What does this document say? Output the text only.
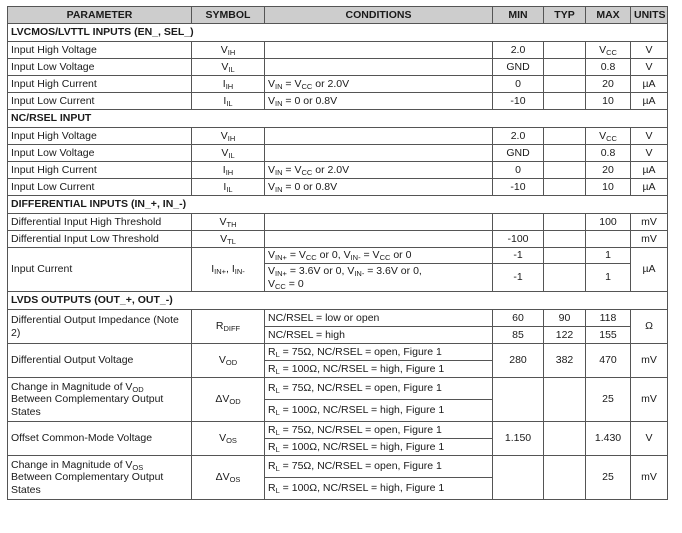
PARAMETER	SYMBOL	CONDITIONS	MIN	TYP	MAX	UNITS
LVCMOS/LVTTL INPUTS (EN_, SEL_)						
Input High Voltage	$V_{IH}$		2.0		$V_{CC}$	V
Input Low Voltage	$V_{IL}$		GND		0.8	V
Input High Current	$I_{IH}$	$V_{IN} = V_{CC}$ or 2.0V	0		20	µA
Input Low Current	$I_{IL}$	$V_{IN} = 0$ or 0.8V	-10		10	µA
NC/RSEL INPUT						
Input High Voltage	$V_{IH}$		2.0		$V_{CC}$	V
Input Low Voltage	$V_{IL}$		GND		0.8	V
Input High Current	$I_{IH}$	$V_{IN} = V_{CC}$ or 2.0V	0		20	µA
Input Low Current	$I_{IL}$	$V_{IN} = 0$ or 0.8V	-10		10	µA
DIFFERENTIAL INPUTS (IN_+, IN_-)						
Differential Input High Threshold	$V_{TH}$				100	mV
Differential Input Low Threshold	$V_{TL}$		-100			mV
Input Current	$I_{IN+}$, $I_{IN-}$	$V_{IN+} = V_{CC}$ or 0, $V_{IN-} = V_{CC}$ or 0	-1		1	µA
		$V_{IN+} = 3.6V$ or 0, $V_{IN-} = 3.6V$ or 0,
$V_{CC} = 0$	-1		1	
LVDS OUTPUTS (OUT_+, OUT_-)						
Differential Output Impedance (Note 2)	$R_{DIFF}$	NC/RSEL = low or open	60	90	118	Ω
		NC/RSEL = high	85	122	155	
Differential Output Voltage	$V_{OD}$	$R_L = 75\Omega$, NC/RSEL = open, Figure 1	280	382	470	mV
		$R_L = 100\Omega$, NC/RSEL = high, Figure 1				
Change in Magnitude of $V_{OD}$
Between Complementary Output States	$\Delta V_{OD}$	$R_L = 75\Omega$, NC/RSEL = open, Figure 1			25	mV
		$R_L = 100\Omega$, NC/RSEL = high, Figure 1				
Offset Common-Mode Voltage	$V_{OS}$	$R_L = 75\Omega$, NC/RSEL = open, Figure 1	1.150		1.430	V
		$R_L = 100\Omega$, NC/RSEL = high, Figure 1				
Change in Magnitude of $V_{OS}$
Between Complementary Output States	$\Delta V_{OS}$	$R_L = 75\Omega$, NC/RSEL = open, Figure 1			25	mV
		$R_L = 100\Omega$, NC/RSEL = high, Figure 1				
